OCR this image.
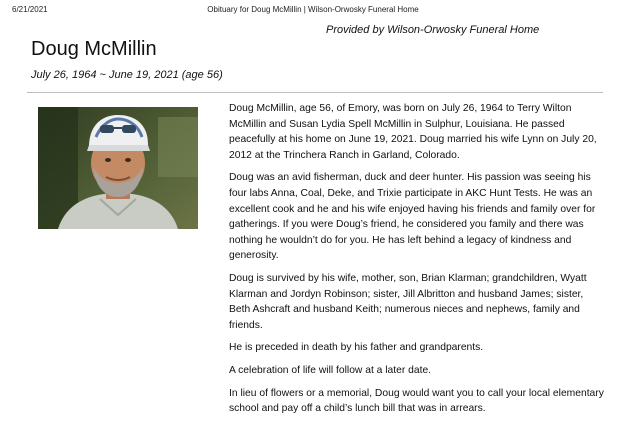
6/21/2021	Obituary for Doug McMillin | Wilson-Orwosky Funeral Home
Provided by Wilson-Orwosky Funeral Home
Doug McMillin
July 26, 1964 ~ June 19, 2021 (age 56)

Doug McMillin, age 56, of Emory, was born on July 26, 1964 to Terry Wilton McMillin and Susan Lydia Spell McMillin in Sulphur, Louisiana. He passed peacefully at his home on June 19, 2021. Doug married his wife Lynn on July 20, 2012 at the Trinchera Ranch in Garland, Colorado.

Doug was an avid fisherman, duck and deer hunter. His passion was seeing his four labs Anna, Coal, Deke, and Trixie participate in AKC Hunt Tests. He was an excellent cook and he and his wife enjoyed having his friends and family over for gatherings. If you were Doug’s friend, he considered you family and there was nothing he wouldn’t do for you. He has left behind a legacy of kindness and generosity.

Doug is survived by his wife, mother, son, Brian Klarman; grandchildren, Wyatt Klarman and Jordyn Robinson; sister, Jill Albritton and husband James; sister, Beth Ashcraft and husband Keith; numerous nieces and nephews, family and friends.

He is preceded in death by his father and grandparents.

A celebration of life will follow at a later date.

In lieu of flowers or a memorial, Doug would want you to call your local elementary school and pay off a child’s lunch bill that was in arrears.
